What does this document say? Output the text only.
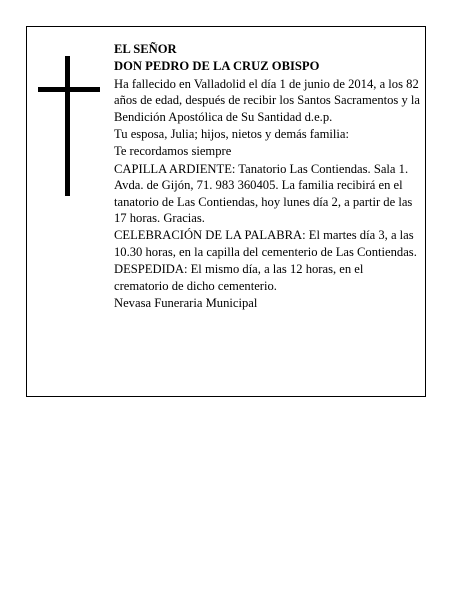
EL SEÑOR

DON PEDRO DE LA CRUZ OBISPO

Ha fallecido en Valladolid el día 1 de junio de 2014, a los 82 años de edad, después de recibir los Santos Sacramentos y la Bendición Apostólica de Su Santidad d.e.p.

Tu esposa, Julia; hijos, nietos y demás familia:

Te recordamos siempre

CAPILLA ARDIENTE: Tanatorio Las Contiendas. Sala 1. Avda. de Gijón, 71. 983 360405. La familia recibirá en el tanatorio de Las Contiendas, hoy lunes día 2, a partir de las 17 horas. Gracias.

CELEBRACIÓN DE LA PALABRA: El martes día 3, a las 10.30 horas, en la capilla del cementerio de Las Contiendas.

DESPEDIDA: El mismo día, a las 12 horas, en el crematorio de dicho cementerio.

Nevasa Funeraria Municipal
